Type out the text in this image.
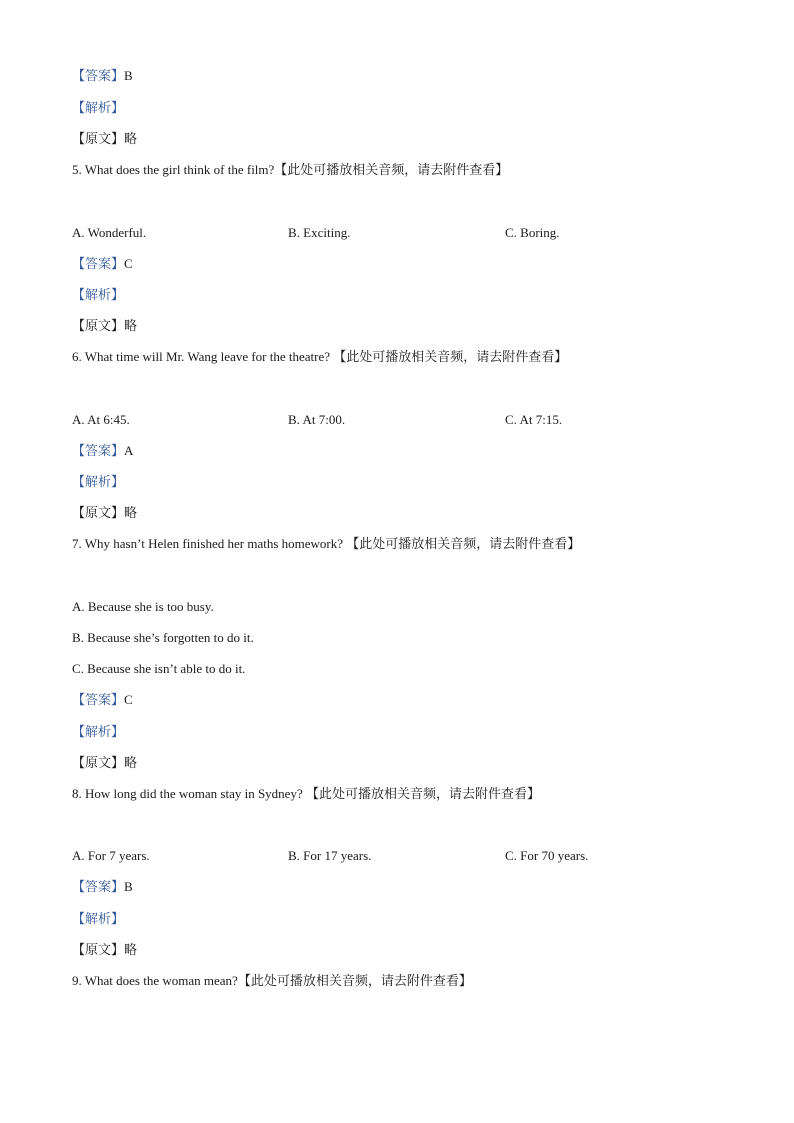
【答案】B
【解析】
【原文】略
5. What does the girl think of the film?【此处可播放相关音频，请去附件查看】
A. Wonderful.	B. Exciting.	C. Boring.
【答案】C
【解析】
【原文】略
6. What time will Mr. Wang leave for the theatre? 【此处可播放相关音频，请去附件查看】
A. At 6:45.	B. At 7:00.	C. At 7:15.
【答案】A
【解析】
【原文】略
7. Why hasn’t Helen finished her maths homework? 【此处可播放相关音频，请去附件查看】
A. Because she is too busy.
B. Because she’s forgotten to do it.
C. Because she isn’t able to do it.
【答案】C
【解析】
【原文】略
8. How long did the woman stay in Sydney? 【此处可播放相关音频，请去附件查看】
A. For 7 years.	B. For 17 years.	C. For 70 years.
【答案】B
【解析】
【原文】略
9. What does the woman mean?【此处可播放相关音频，请去附件查看】
